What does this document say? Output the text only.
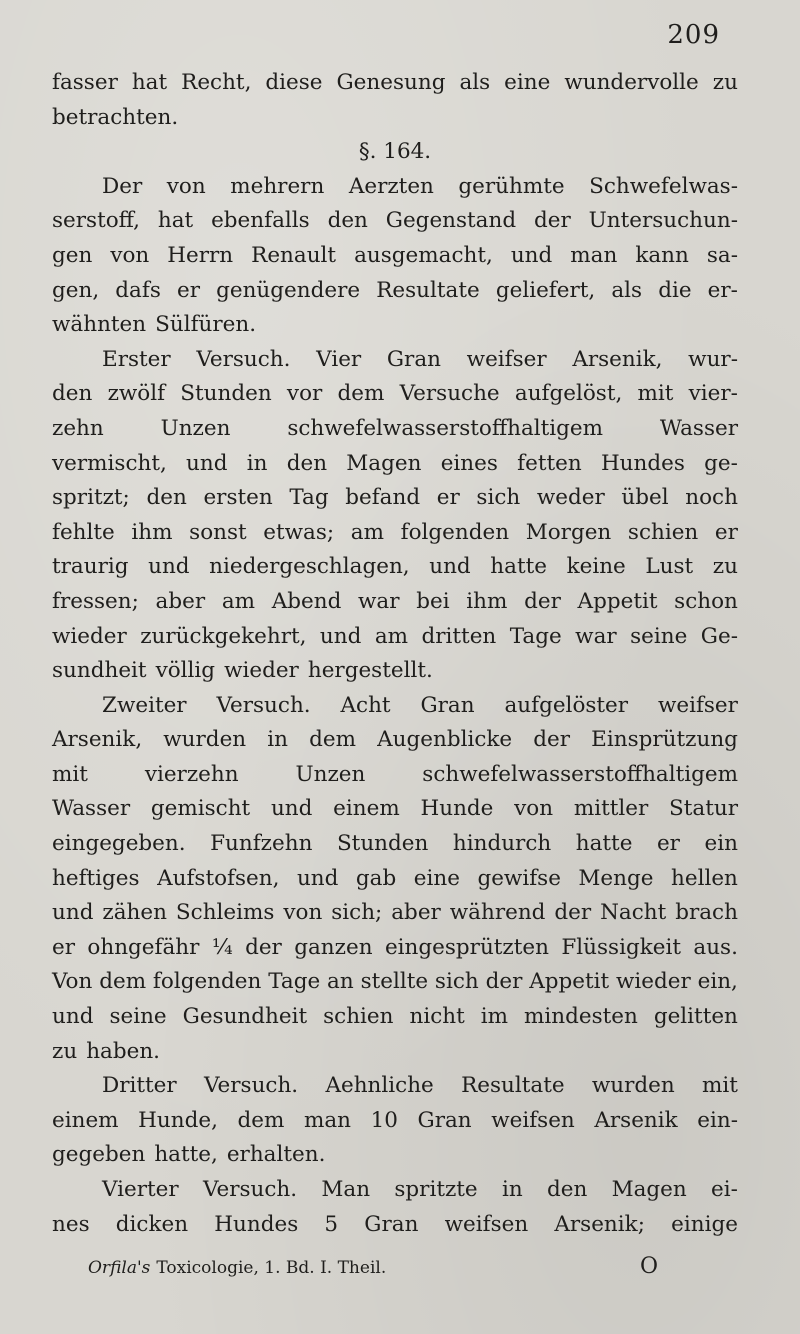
209
fasser hat Recht, diese Genesung als eine wundervolle zu
betrachten.
§. 164.
Der von mehrern Aerzten gerühmte Schwefelwas-
serstoff, hat ebenfalls den Gegenstand der Untersuchun-
gen von Herrn Renault ausgemacht, und man kann sa-
gen, dafs er genügendere Resultate geliefert, als die er-
wähnten Sülfüren.
Erster Versuch. Vier Gran weifser Arsenik, wur-
den zwölf Stunden vor dem Versuche aufgelöst, mit vier-
zehn	Unzen	schwefelwasserstoffhaltigem	Wasser
vermischt, und in den Magen eines fetten Hundes ge-
spritzt; den ersten Tag befand er sich weder übel noch
fehlte ihm sonst etwas; am folgenden Morgen schien er
traurig und niedergeschlagen, und hatte keine Lust zu
fressen; aber am Abend war bei ihm der Appetit schon
wieder zurückgekehrt, und am dritten Tage war seine Ge-
sundheit völlig wieder hergestellt.
Zweiter Versuch. Acht Gran aufgelöster weifser
Arsenik, wurden in dem Augenblicke der Einsprützung
mit	vierzehn	Unzen	schwefelwasserstoffhaltigem
Wasser gemischt und einem Hunde von mittler Statur
eingegeben. Funfzehn Stunden hindurch hatte er ein
heftiges Aufstofsen, und gab eine gewifse Menge hellen
und zähen Schleims von sich; aber während der Nacht brach
er ohngefähr ¼ der ganzen eingesprützten Flüssigkeit aus.
Von dem folgenden Tage an stellte sich der Appetit wieder ein,
und seine Gesundheit schien nicht im mindesten gelitten
zu haben.
Dritter Versuch. Aehnliche Resultate wurden mit
einem Hunde, dem man 10 Gran weifsen Arsenik ein-
gegeben hatte, erhalten.
Vierter Versuch. Man spritzte in den Magen ei-
nes dicken Hundes 5 Gran weifsen Arsenik; einige
Orfila's Toxicologie, 1. Bd. I. Theil.	O
